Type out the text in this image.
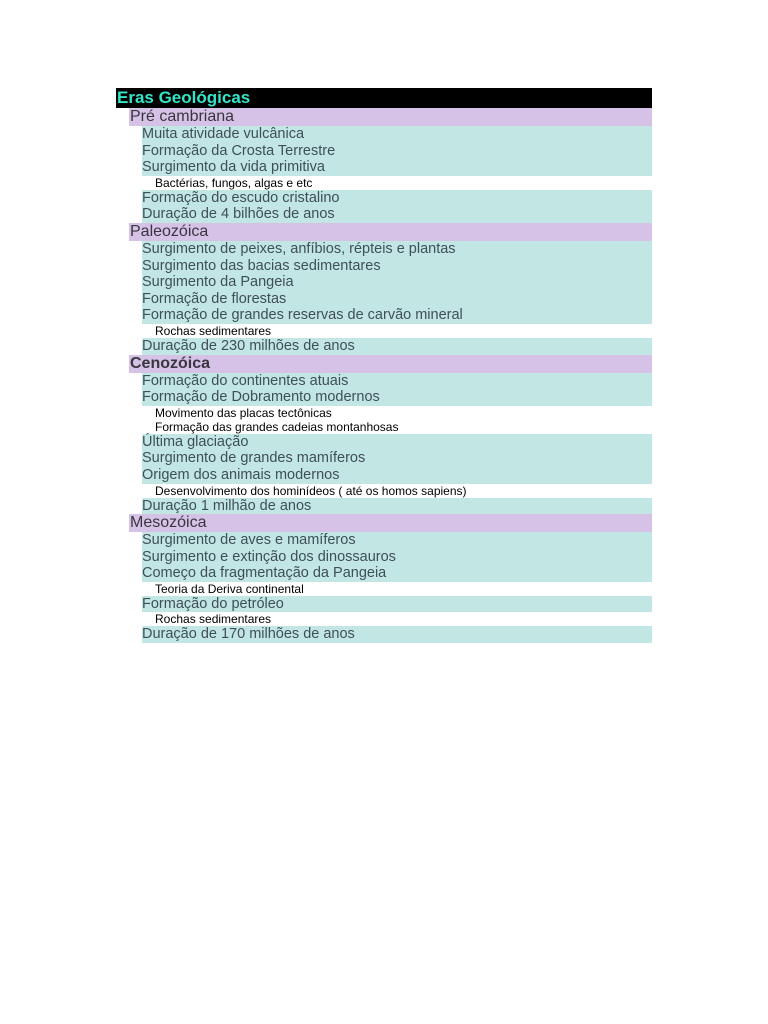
Eras Geológicas
Pré cambriana
Muita atividade vulcânica
Formação da Crosta Terrestre
Surgimento da vida primitiva
Bactérias, fungos, algas e etc
Formação do escudo cristalino
Duração de 4 bilhões de anos
Paleozóica
Surgimento de peixes, anfíbios, répteis e plantas
Surgimento das bacias sedimentares
Surgimento da Pangeia
Formação de florestas
Formação de grandes reservas de carvão mineral
Rochas sedimentares
Duração de 230 milhões de anos
Cenozóica
Formação do continentes atuais
Formação de Dobramento modernos
Movimento das placas tectônicas
Formação das grandes cadeias montanhosas
Última glaciação
Surgimento de grandes mamíferos
Origem dos animais modernos
Desenvolvimento dos hominídeos ( até os homos sapiens)
Duração 1 milhão de anos
Mesozóica
Surgimento de aves e mamíferos
Surgimento e extinção dos dinossauros
Começo da fragmentação da Pangeia
Teoria da Deriva continental
Formação do petróleo
Rochas sedimentares
Duração de 170 milhões de anos
